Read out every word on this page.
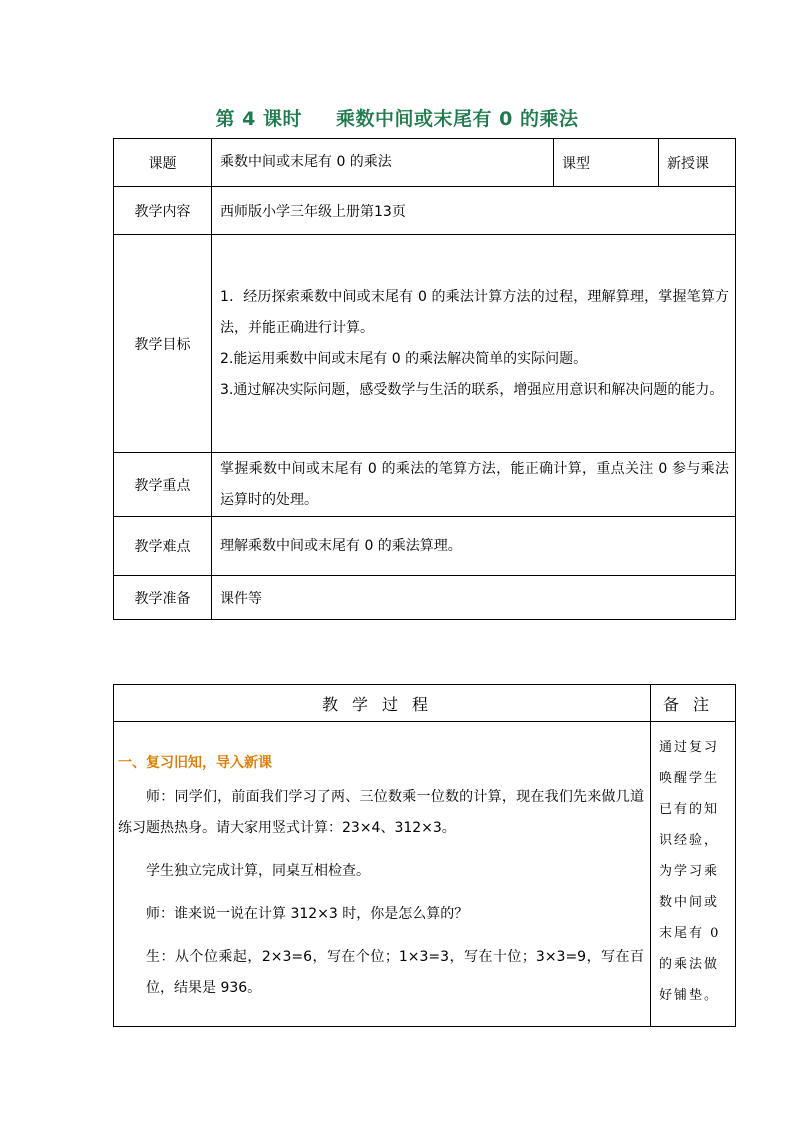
第 4 课时 乘数中间或末尾有 0 的乘法
课题	乘数中间或末尾有 0 的乘法	课型	新授课
教学内容	西师版小学三年级上册第13页		
教学目标	1．经历探索乘数中间或末尾有 0 的乘法计算方法的过程，理解算理，掌握笔算方法，并能正确进行计算。

2.能运用乘数中间或末尾有 0 的乘法解决简单的实际问题。

3.通过解决实际问题，感受数学与生活的联系，增强应用意识和解决问题的能力。		

教学重点	掌握乘数中间或末尾有 0 的乘法的笔算方法，能正确计算，重点关注 0 参与乘法运算时的处理。		
教学难点	理解乘数中间或末尾有 0 的乘法算理。		
教学准备	课件等		
教学过程	备注

一、复习旧知，导入新课

师：同学们，前面我们学习了两、三位数乘一位数的计算，现在我们先来做几道练习题热热身。请大家用竖式计算：23×4、312×3。

学生独立完成计算，同桌互相检查。

师：谁来说一说在计算 312×3 时，你是怎么算的？

生：从个位乘起，2×3=6，写在个位；1×3=3，写在十位；3×3=9，写在百位，结果是 936。	通过复习唤醒学生已有的知识经验，为学习乘数中间或末尾有 0 的乘法做好铺垫。
